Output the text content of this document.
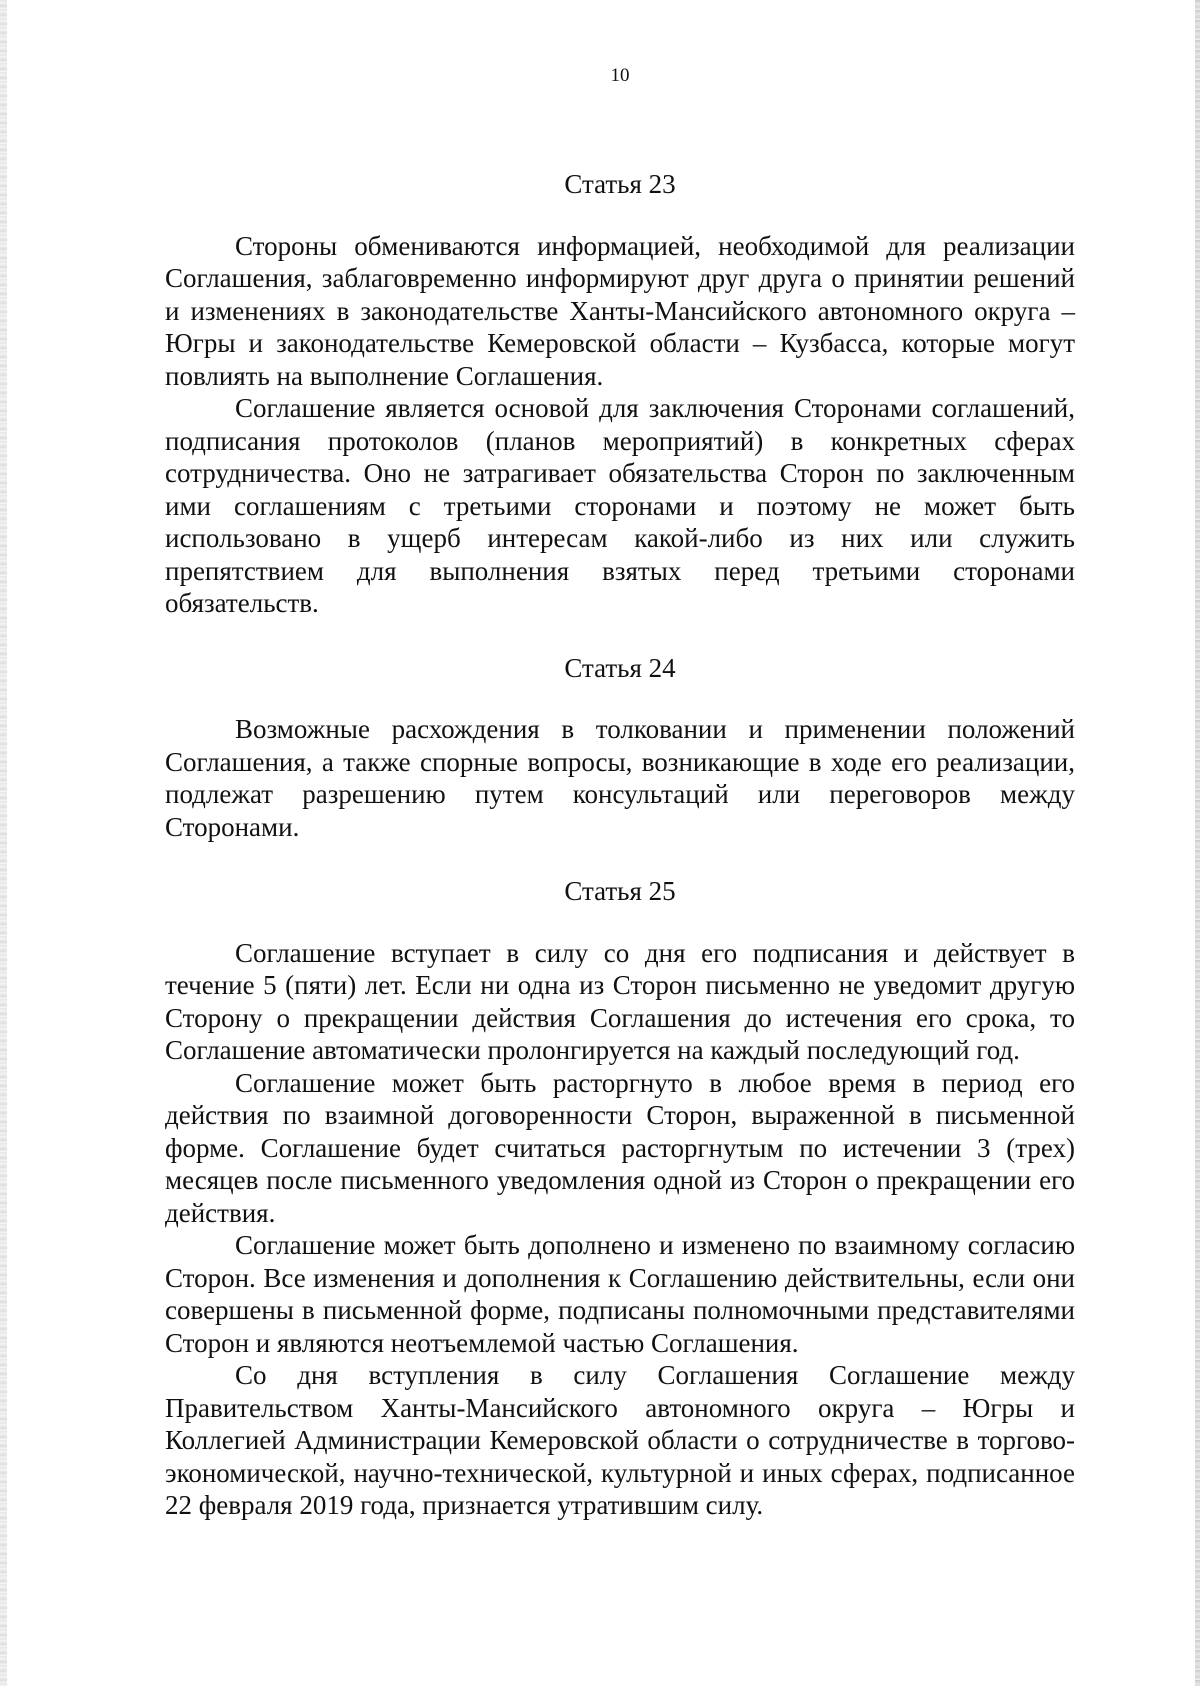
10
Статья 23

Стороны обмениваются информацией, необходимой для реализации Соглашения, заблаговременно информируют друг друга о принятии решений и изменениях в законодательстве Ханты-Мансийского автономного округа – Югры и законодательстве Кемеровской области – Кузбасса, которые могут повлиять на выполнение Соглашения.

Соглашение является основой для заключения Сторонами соглашений, подписания протоколов (планов мероприятий) в конкретных сферах сотрудничества. Оно не затрагивает обязательства Сторон по заключенным ими соглашениям с третьими сторонами и поэтому не может быть использовано в ущерб интересам какой-либо из них или служить препятствием для выполнения взятых перед третьими сторонами обязательств.

Статья 24

Возможные расхождения в толковании и применении положений Соглашения, а также спорные вопросы, возникающие в ходе его реализации, подлежат разрешению путем консультаций или переговоров между Сторонами.

Статья 25

Соглашение вступает в силу со дня его подписания и действует в течение 5 (пяти) лет. Если ни одна из Сторон письменно не уведомит другую Сторону о прекращении действия Соглашения до истечения его срока, то Соглашение автоматически пролонгируется на каждый последующий год.

Соглашение может быть расторгнуто в любое время в период его действия по взаимной договоренности Сторон, выраженной в письменной форме. Соглашение будет считаться расторгнутым по истечении 3 (трех) месяцев после письменного уведомления одной из Сторон о прекращении его действия.

Соглашение может быть дополнено и изменено по взаимному согласию Сторон. Все изменения и дополнения к Соглашению действительны, если они совершены в письменной форме, подписаны полномочными представителями Сторон и являются неотъемлемой частью Соглашения.

Со дня вступления в силу Соглашения Соглашение между Правительством Ханты-Мансийского автономного округа – Югры и Коллегией Администрации Кемеровской области о сотрудничестве в торгово-экономической, научно-технической, культурной и иных сферах, подписанное 22 февраля 2019 года, признается утратившим силу.
